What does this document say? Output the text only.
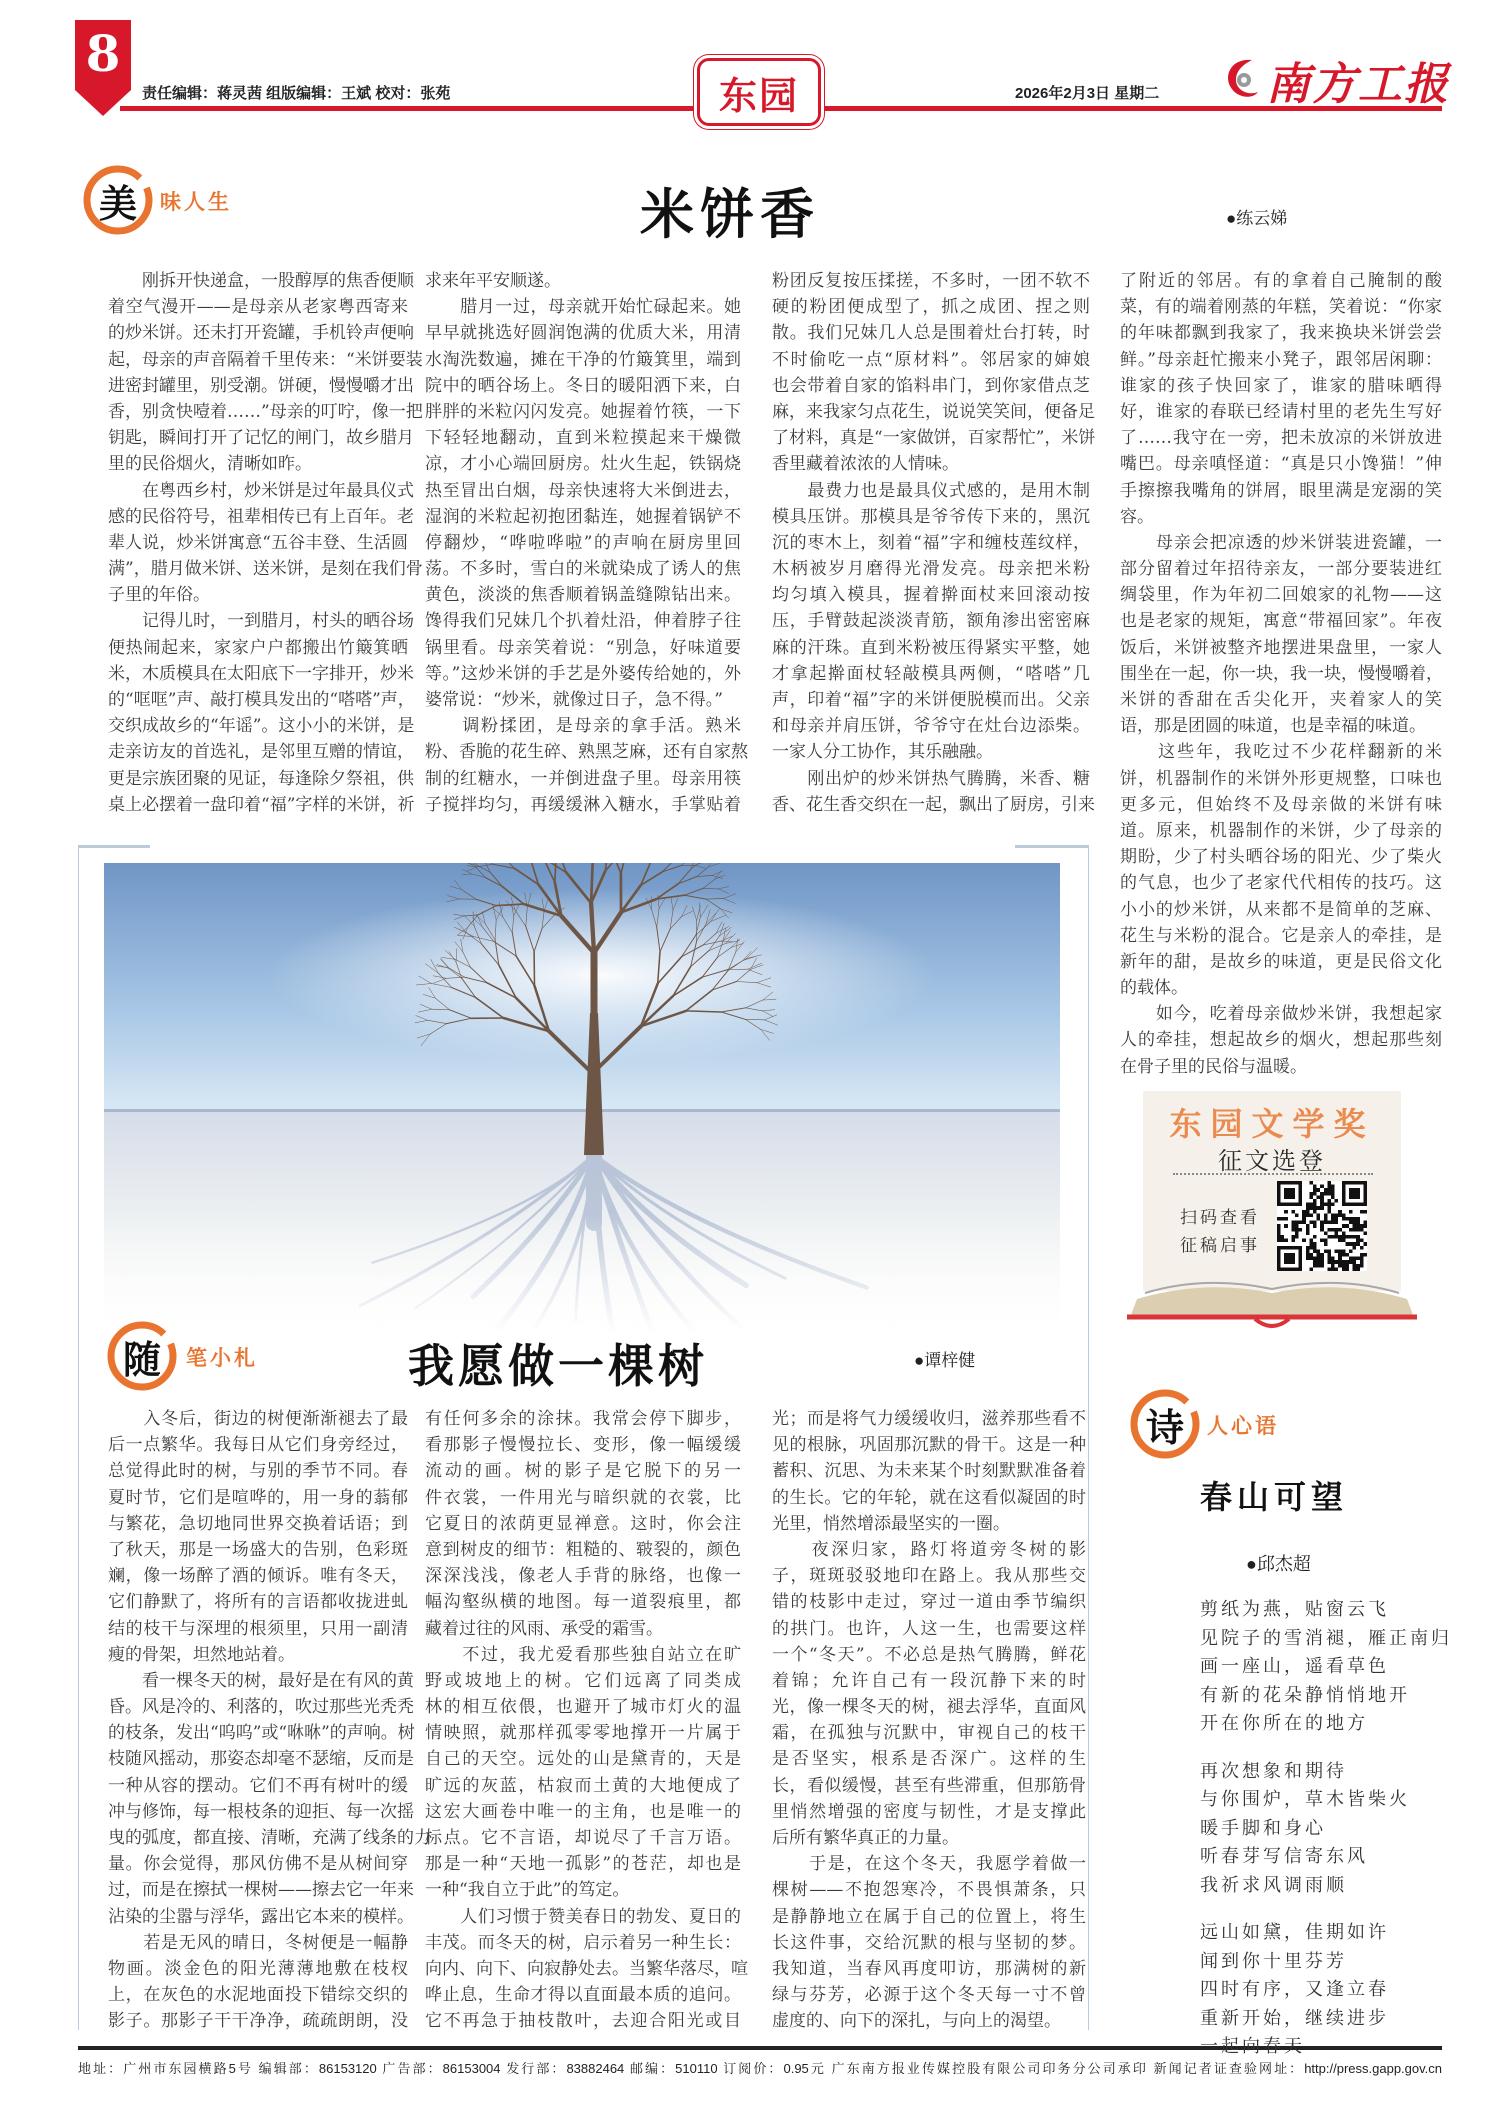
8
责任编辑：蒋灵茜 组版编辑：王斌 校对：张苑	东园	2026年2月3日 星期二 南方工报
美	味人生	米饼香	●练云娣
随	笔小札	我愿做一棵树	●谭梓健
东园文学奖
征文选登
扫码查看
征稿启事
诗	人心语
春山可望
●邱杰超
地址：广州市东园横路5号 编辑部：86153120 广告部：86153004 发行部：83882464 邮编：510110 订阅价：0.95元 广东南方报业传媒控股有限公司印务分公司承印 新闻记者证查验网址：http://press.gapp.gov.cn
　　刚拆开快递盒，一股醇厚的焦香便顺
着空气漫开——是母亲从老家粤西寄来
的炒米饼。还未打开瓷罐，手机铃声便响
起，母亲的声音隔着千里传来：“米饼要装
进密封罐里，别受潮。饼硬，慢慢嚼才出
香，别贪快噎着……”母亲的叮咛，像一把
钥匙，瞬间打开了记忆的闸门，故乡腊月
里的民俗烟火，清晰如昨。
　　在粤西乡村，炒米饼是过年最具仪式
感的民俗符号，祖辈相传已有上百年。老
辈人说，炒米饼寓意“五谷丰登、生活圆
满”，腊月做米饼、送米饼，是刻在我们骨
子里的年俗。
　　记得儿时，一到腊月，村头的晒谷场
便热闹起来，家家户户都搬出竹簸箕晒
米，木质模具在太阳底下一字排开，炒米
的“哐哐”声、敲打模具发出的“嗒嗒”声，
交织成故乡的“年谣”。这小小的米饼，是
走亲访友的首选礼，是邻里互赠的情谊，
更是宗族团聚的见证，每逢除夕祭祖，供
桌上必摆着一盘印着“福”字样的米饼，祈
求来年平安顺遂。
　　腊月一过，母亲就开始忙碌起来。她
早早就挑选好圆润饱满的优质大米，用清
水淘洗数遍，摊在干净的竹簸箕里，端到
院中的晒谷场上。冬日的暖阳洒下来，白
胖胖的米粒闪闪发亮。她握着竹筷，一下
下轻轻地翻动，直到米粒摸起来干燥微
凉，才小心端回厨房。灶火生起，铁锅烧
热至冒出白烟，母亲快速将大米倒进去，
湿润的米粒起初抱团黏连，她握着锅铲不
停翻炒，“哗啦哗啦”的声响在厨房里回
荡。不多时，雪白的米就染成了诱人的焦
黄色，淡淡的焦香顺着锅盖缝隙钻出来。
馋得我们兄妹几个扒着灶沿，伸着脖子往
锅里看。母亲笑着说：“别急，好味道要
等。”这炒米饼的手艺是外婆传给她的，外
婆常说：“炒米，就像过日子，急不得。”
　　调粉揉团，是母亲的拿手活。熟米
粉、香脆的花生碎、熟黑芝麻，还有自家熬
制的红糖水，一并倒进盘子里。母亲用筷
子搅拌均匀，再缓缓淋入糖水，手掌贴着
粉团反复按压揉搓，不多时，一团不软不
硬的粉团便成型了，抓之成团、捏之则
散。我们兄妹几人总是围着灶台打转，时
不时偷吃一点“原材料”。邻居家的婶娘
也会带着自家的馅料串门，到你家借点芝
麻，来我家匀点花生，说说笑笑间，便备足
了材料，真是“一家做饼，百家帮忙”，米饼
香里藏着浓浓的人情味。
　　最费力也是最具仪式感的，是用木制
模具压饼。那模具是爷爷传下来的，黑沉
沉的枣木上，刻着“福”字和缠枝莲纹样，
木柄被岁月磨得光滑发亮。母亲把米粉
均匀填入模具，握着擀面杖来回滚动按
压，手臂鼓起淡淡青筋，额角渗出密密麻
麻的汗珠。直到米粉被压得紧实平整，她
才拿起擀面杖轻敲模具两侧，“嗒嗒”几
声，印着“福”字的米饼便脱模而出。父亲
和母亲并肩压饼，爷爷守在灶台边添柴。
一家人分工协作，其乐融融。
　　刚出炉的炒米饼热气腾腾，米香、糖
香、花生香交织在一起，飘出了厨房，引来
了附近的邻居。有的拿着自己腌制的酸
菜，有的端着刚蒸的年糕，笑着说：“你家
的年味都飘到我家了，我来换块米饼尝尝
鲜。”母亲赶忙搬来小凳子，跟邻居闲聊：
谁家的孩子快回家了，谁家的腊味晒得
好，谁家的春联已经请村里的老先生写好
了……我守在一旁，把未放凉的米饼放进
嘴巴。母亲嗔怪道：“真是只小馋猫！”伸
手擦擦我嘴角的饼屑，眼里满是宠溺的笑
容。
　　母亲会把凉透的炒米饼装进瓷罐，一
部分留着过年招待亲友，一部分要装进红
绸袋里，作为年初二回娘家的礼物——这
也是老家的规矩，寓意“带福回家”。年夜
饭后，米饼被整齐地摆进果盘里，一家人
围坐在一起，你一块，我一块，慢慢嚼着，
米饼的香甜在舌尖化开，夹着家人的笑
语，那是团圆的味道，也是幸福的味道。
　　这些年，我吃过不少花样翻新的米
饼，机器制作的米饼外形更规整，口味也
更多元，但始终不及母亲做的米饼有味
道。原来，机器制作的米饼，少了母亲的
期盼，少了村头晒谷场的阳光、少了柴火
的气息，也少了老家代代相传的技巧。这
小小的炒米饼，从来都不是简单的芝麻、
花生与米粉的混合。它是亲人的牵挂，是
新年的甜，是故乡的味道，更是民俗文化
的载体。
　　如今，吃着母亲做炒米饼，我想起家
人的牵挂，想起故乡的烟火，想起那些刻
在骨子里的民俗与温暖。
　　入冬后，街边的树便渐渐褪去了最
后一点繁华。我每日从它们身旁经过，
总觉得此时的树，与别的季节不同。春
夏时节，它们是喧哗的，用一身的蓊郁
与繁花，急切地同世界交换着话语；到
了秋天，那是一场盛大的告别，色彩斑
斓，像一场醉了酒的倾诉。唯有冬天，
它们静默了，将所有的言语都收拢进虬
结的枝干与深埋的根须里，只用一副清
瘦的骨架，坦然地站着。
　　看一棵冬天的树，最好是在有风的黄
昏。风是冷的、利落的，吹过那些光秃秃
的枝条，发出“呜呜”或“咻咻”的声响。树
枝随风摇动，那姿态却毫不瑟缩，反而是
一种从容的摆动。它们不再有树叶的缓
冲与修饰，每一根枝条的迎拒、每一次摇
曳的弧度，都直接、清晰，充满了线条的力
量。你会觉得，那风仿佛不是从树间穿
过，而是在擦拭一棵树——擦去它一年来
沾染的尘嚣与浮华，露出它本来的模样。
　　若是无风的晴日，冬树便是一幅静
物画。淡金色的阳光薄薄地敷在枝杈
上，在灰色的水泥地面投下错综交织的
影子。那影子干干净净，疏疏朗朗，没
有任何多余的涂抹。我常会停下脚步，
看那影子慢慢拉长、变形，像一幅缓缓
流动的画。树的影子是它脱下的另一
件衣裳，一件用光与暗织就的衣裳，比
它夏日的浓荫更显禅意。这时，你会注
意到树皮的细节：粗糙的、皲裂的，颜色
深深浅浅，像老人手背的脉络，也像一
幅沟壑纵横的地图。每一道裂痕里，都
藏着过往的风雨、承受的霜雪。
　　不过，我尤爱看那些独自站立在旷
野或坡地上的树。它们远离了同类成
林的相互依偎，也避开了城市灯火的温
情映照，就那样孤零零地撑开一片属于
自己的天空。远处的山是黛青的，天是
旷远的灰蓝，枯寂而土黄的大地便成了
这宏大画卷中唯一的主角，也是唯一的
标点。它不言语，却说尽了千言万语。
那是一种“天地一孤影”的苍茫，却也是
一种“我自立于此”的笃定。
　　人们习惯于赞美春日的勃发、夏日的
丰茂。而冬天的树，启示着另一种生长：
向内、向下、向寂静处去。当繁华落尽，喧
哗止息，生命才得以直面最本质的追问。
它不再急于抽枝散叶，去迎合阳光或目
光；而是将气力缓缓收归，滋养那些看不
见的根脉，巩固那沉默的骨干。这是一种
蓄积、沉思、为未来某个时刻默默准备着
的生长。它的年轮，就在这看似凝固的时
光里，悄然增添最坚实的一圈。
　　夜深归家，路灯将道旁冬树的影
子，斑斑驳驳地印在路上。我从那些交
错的枝影中走过，穿过一道由季节编织
的拱门。也许，人这一生，也需要这样
一个“冬天”。不必总是热气腾腾，鲜花
着锦；允许自己有一段沉静下来的时
光，像一棵冬天的树，褪去浮华，直面风
霜，在孤独与沉默中，审视自己的枝干
是否坚实，根系是否深广。这样的生
长，看似缓慢，甚至有些滞重，但那筋骨
里悄然增强的密度与韧性，才是支撑此
后所有繁华真正的力量。
　　于是，在这个冬天，我愿学着做一
棵树——不抱怨寒冷，不畏惧萧条，只
是静静地立在属于自己的位置上，将生
长这件事，交给沉默的根与坚韧的梦。
我知道，当春风再度叩访，那满树的新
绿与芬芳，必源于这个冬天每一寸不曾
虚度的、向下的深扎，与向上的渴望。
剪纸为燕，贴窗云飞
见院子的雪消褪，雁正南归
画一座山，遥看草色
有新的花朵静悄悄地开
开在你所在的地方
再次想象和期待
与你围炉，草木皆柴火
暖手脚和身心
听春芽写信寄东风
我祈求风调雨顺
远山如黛，佳期如许
闻到你十里芬芳
四时有序，又逢立春
重新开始，继续进步
一起向春天
